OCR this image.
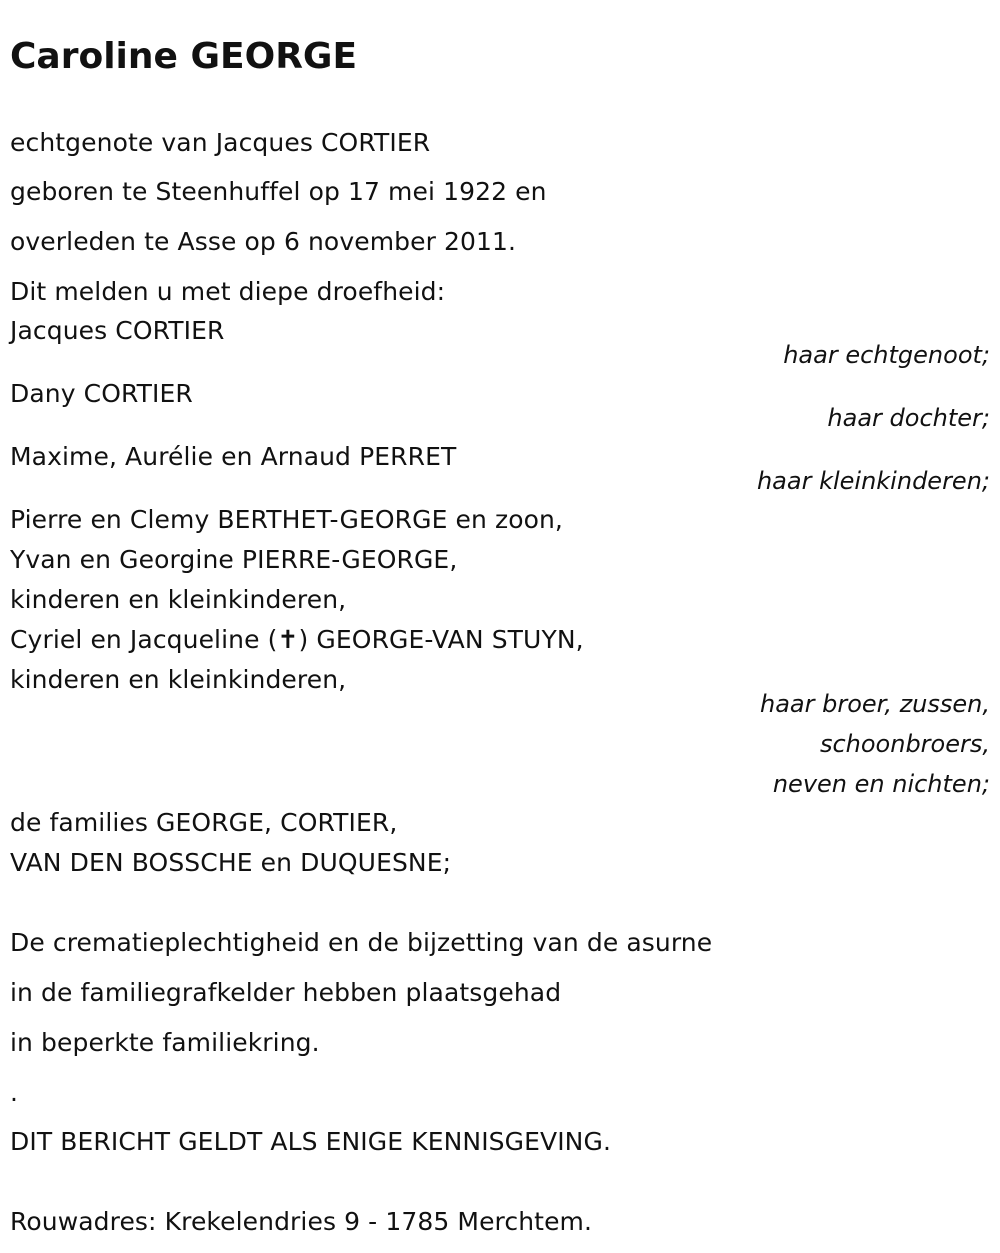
Caroline GEORGE

echtgenote van Jacques CORTIER

geboren te Steenhuffel op 17 mei 1922 en

overleden te Asse op 6 november 2011.

Dit melden u met diepe droefheid:

Jacques CORTIER

haar echtgenoot;

Dany CORTIER

haar dochter;

Maxime, Aurélie en Arnaud PERRET

haar kleinkinderen;

Pierre en Clemy BERTHET-GEORGE en zoon,

Yvan en Georgine PIERRE-GEORGE,

kinderen en kleinkinderen,

Cyriel en Jacqueline (✝) GEORGE-VAN STUYN,

kinderen en kleinkinderen,

haar broer, zussen,

schoonbroers,

neven en nichten;

de families GEORGE, CORTIER,

VAN DEN BOSSCHE en DUQUESNE;

De crematieplechtigheid en de bijzetting van de asurne

in de familiegrafkelder hebben plaatsgehad

in beperkte familiekring.

.

DIT BERICHT GELDT ALS ENIGE KENNISGEVING.

Rouwadres: Krekelendries 9 - 1785 Merchtem.
